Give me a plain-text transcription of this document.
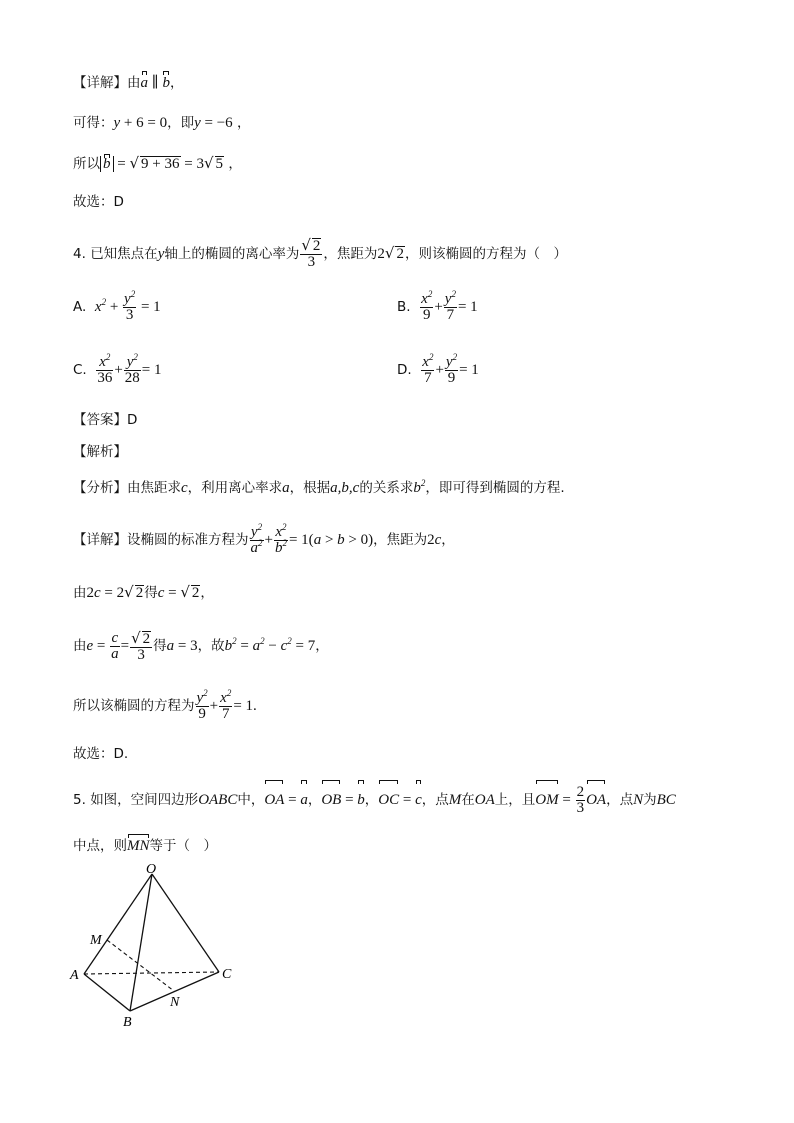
【详解】由a ∥ b，
可得：y + 6 = 0，即y = −6 ，
所以 b = √ 9 + 36 = 3√ 5 ，
故选：D
4. 已知焦点在y轴上的椭圆的离心率为 $\frac{√ 2}{3}$ ，焦距为2√ 2，则该椭圆的方程为（　）
A. $x^2 + \frac{y^2}{3} = 1$	B. $\frac{x^2}{9} + \frac{y^2}{7} = 1$
C. $\frac{x^2}{36} + \frac{y^2}{28} = 1$	D. $\frac{x^2}{7} + \frac{y^2}{9} = 1$
【答案】D
【解析】
【分析】由焦距求c，利用离心率求a，根据a,b,c的关系求$b^2$，即可得到椭圆的方程.
【详解】设椭圆的标准方程为 $\frac{y^2}{a^2} + \frac{x^2}{b^2} = 1(a > b > 0)$，焦距为2c，
由2c = 2√ 2得c = √ 2，
由$e = \frac{c}{a} = \frac{√ 2}{3}$ 得a = 3，故$b^2 = a^2 - c^2 = 7$，
所以该椭圆的方程为 $\frac{y^2}{9} + \frac{x^2}{7} = 1$.
故选：D.
5. 如图，空间四边形OABC中，OA = a，OB = b，OC = c，点M在OA上，且OM = $\frac{2}{3}$ OA，点N为BC
中点，则MN等于（　）
O
M
A	C
N
B
